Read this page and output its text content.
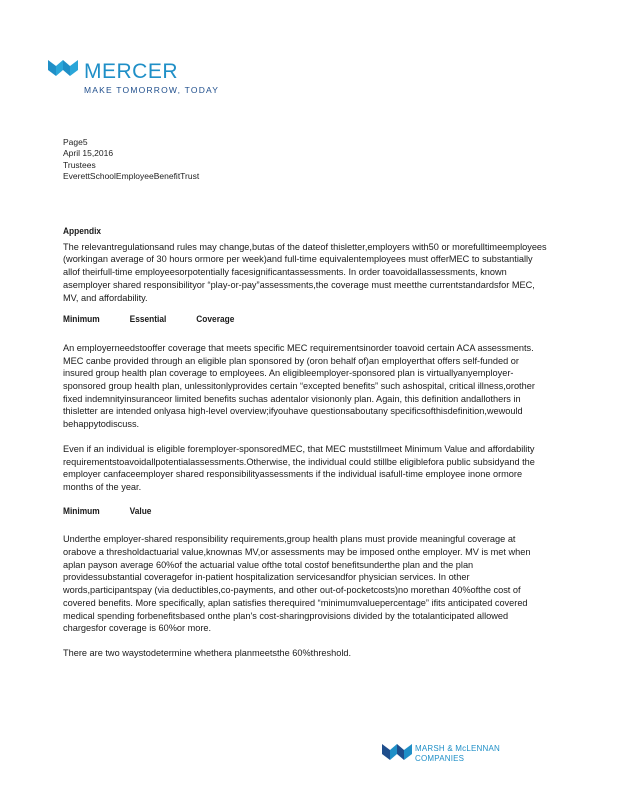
MERCER
MAKE TOMORROW, TODAY
Page5
April 15,2016
Trustees
EverettSchoolEmployeeBenefitTrust
Appendix

The relevantregulationsand rules may change,butas of the dateof thisletter,employers with50 or morefulltimeemployees (workingan average of 30 hours ormore per week)and full-time equivalentemployees must offerMEC to substantially allof theirfull-time employeesorpotentially facesignificantassessments. In order toavoidallassessments, known asemployer shared responsibilityor “play-or-pay”assessments,the coverage must meetthe currentstandardsfor MEC, MV, and affordability.

Minimum	Essential	Coverage

An employerneedstooffer coverage that meets specific MEC requirementsinorder toavoid certain ACA assessments. MEC canbe provided through an eligible plan sponsored by (oron behalf of)an employerthat offers self-funded or insured group health plan coverage to employees. An eligibleemployer-sponsored plan is virtuallyanyemployer-sponsored group health plan, unlessitonlyprovides certain “excepted benefits” such ashospital, critical illness,orother fixed indemnityinsuranceor limited benefits suchas adentalor visiononly plan. Again, this definition andallothers in thisletter are intended onlyasa high-level overview;ifyouhave questionsaboutany specificsofthisdefinition,wewould behappytodiscuss.

Even if an individual is eligible foremployer-sponsoredMEC, that MEC muststillmeet Minimum Value and affordability requirementstoavoidallpotentialassessments.Otherwise, the individual could stillbe eligiblefora public subsidyand the employer canfaceemployer shared responsibilityassessments if the individual isafull-time employee inone ormore months of the year.

Minimum	Value

Underthe employer-shared responsibility requirements,group health plans must provide meaningful coverage at orabove a thresholdactuarial value,knownas MV,or assessments may be imposed onthe employer. MV is met when aplan payson average 60%of the actuarial value ofthe total costof benefitsunderthe plan and the plan providessubstantial coveragefor in-patient hospitalization servicesandfor physician services. In other words,participantspay (via deductibles,co-payments, and other out-of-pocketcosts)no morethan 40%ofthe cost of covered benefits. More specifically, aplan satisfies therequired “minimumvaluepercentage” ifits anticipated covered medical spending forbenefitsbased onthe plan's cost-sharingprovisions divided by the totalanticipated allowed chargesfor coverage is 60%or more.

There are two waystodetermine whethera planmeetsthe 60%threshold.

MARSH & McLENNAN
COMPANIES
